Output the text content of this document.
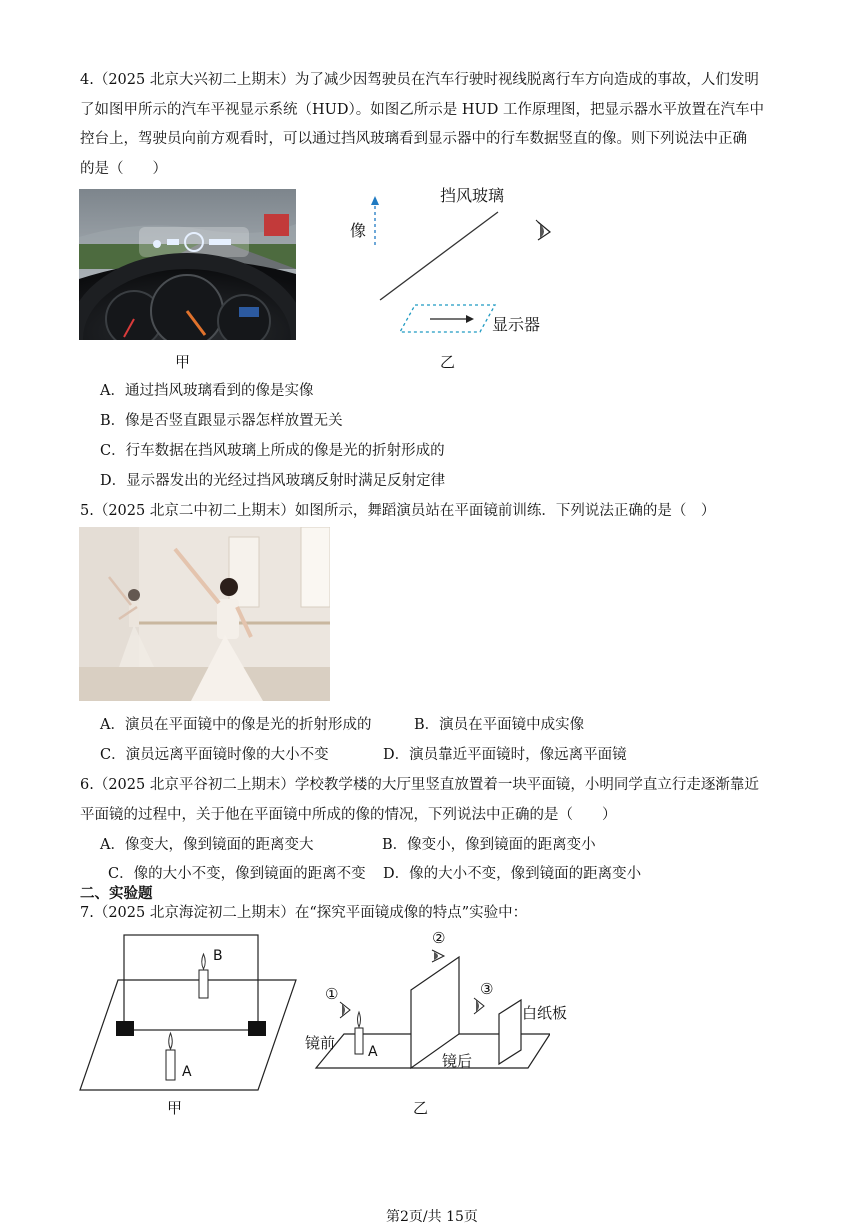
4.（2025 北京大兴初二上期末）为了减少因驾驶员在汽车行驶时视线脱离行车方向造成的事故，人们发明
了如图甲所示的汽车平视显示系统（HUD）。如图乙所示是 HUD 工作原理图，把显示器水平放置在汽车中
控台上，驾驶员向前方观看时，可以通过挡风玻璃看到显示器中的行车数据竖直的像。则下列说法中正确
的是（　　）
甲
挡风玻璃
像
显示器
乙
A．通过挡风玻璃看到的像是实像
B．像是否竖直跟显示器怎样放置无关
C．行车数据在挡风玻璃上所成的像是光的折射形成的
D．显示器发出的光经过挡风玻璃反射时满足反射定律
5.（2025 北京二中初二上期末）如图所示，舞蹈演员站在平面镜前训练．下列说法正确的是（　）
A．演员在平面镜中的像是光的折射形成的	B．演员在平面镜中成实像
C．演员远离平面镜时像的大小不变	D．演员靠近平面镜时，像远离平面镜
6.（2025 北京平谷初二上期末）学校教学楼的大厅里竖直放置着一块平面镜，小明同学直立行走逐渐靠近
平面镜的过程中，关于他在平面镜中所成的像的情况，下列说法中正确的是（　　）
A．像变大，像到镜面的距离变大	B．像变小，像到镜面的距离变小
C．像的大小不变，像到镜面的距离不变 D．像的大小不变，像到镜面的距离变小
二、实验题
7.（2025 北京海淀初二上期末）在“探究平面镜成像的特点”实验中：
B
A
甲
②
①	③
白纸板
镜前 A	镜后
乙
第2页/共 15页
